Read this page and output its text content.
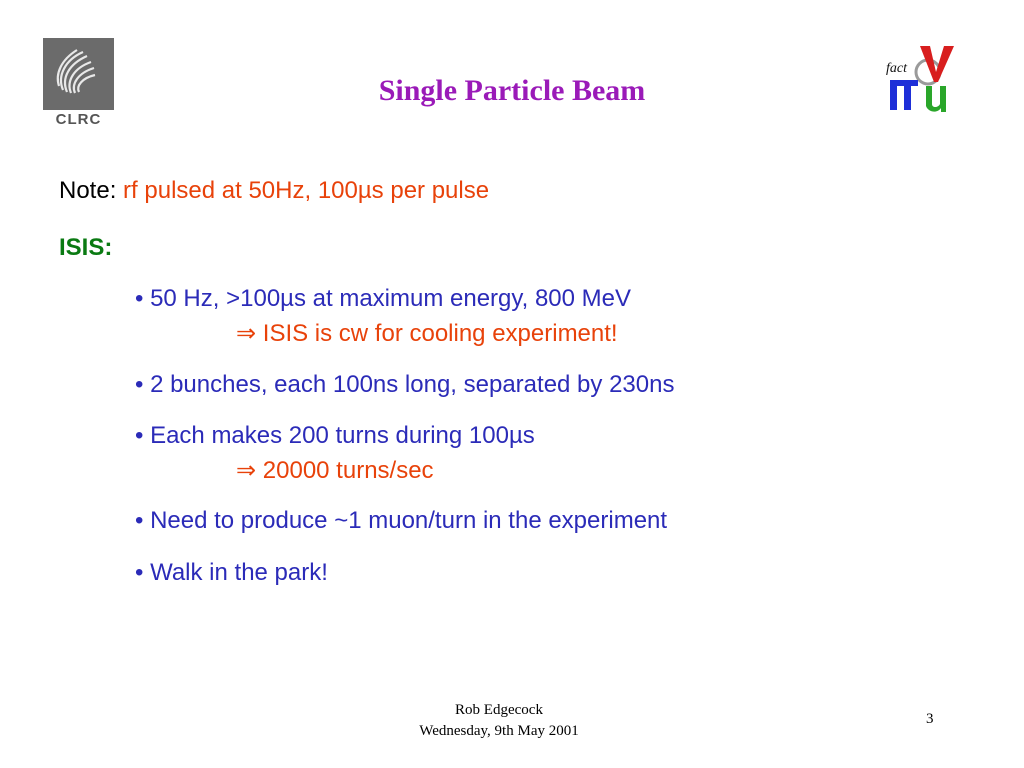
CLRC
Single Particle Beam
fact
Note: rf pulsed at 50Hz, 100µs per pulse
ISIS:
• 50 Hz, >100µs at maximum energy, 800 MeV
⇒ ISIS is cw for cooling experiment!
• 2 bunches, each 100ns long, separated by 230ns
• Each makes 200 turns during 100µs
⇒ 20000 turns/sec
• Need to produce ~1 muon/turn in the experiment
• Walk in the park!
Rob Edgecock
Wednesday, 9th May 2001
3
